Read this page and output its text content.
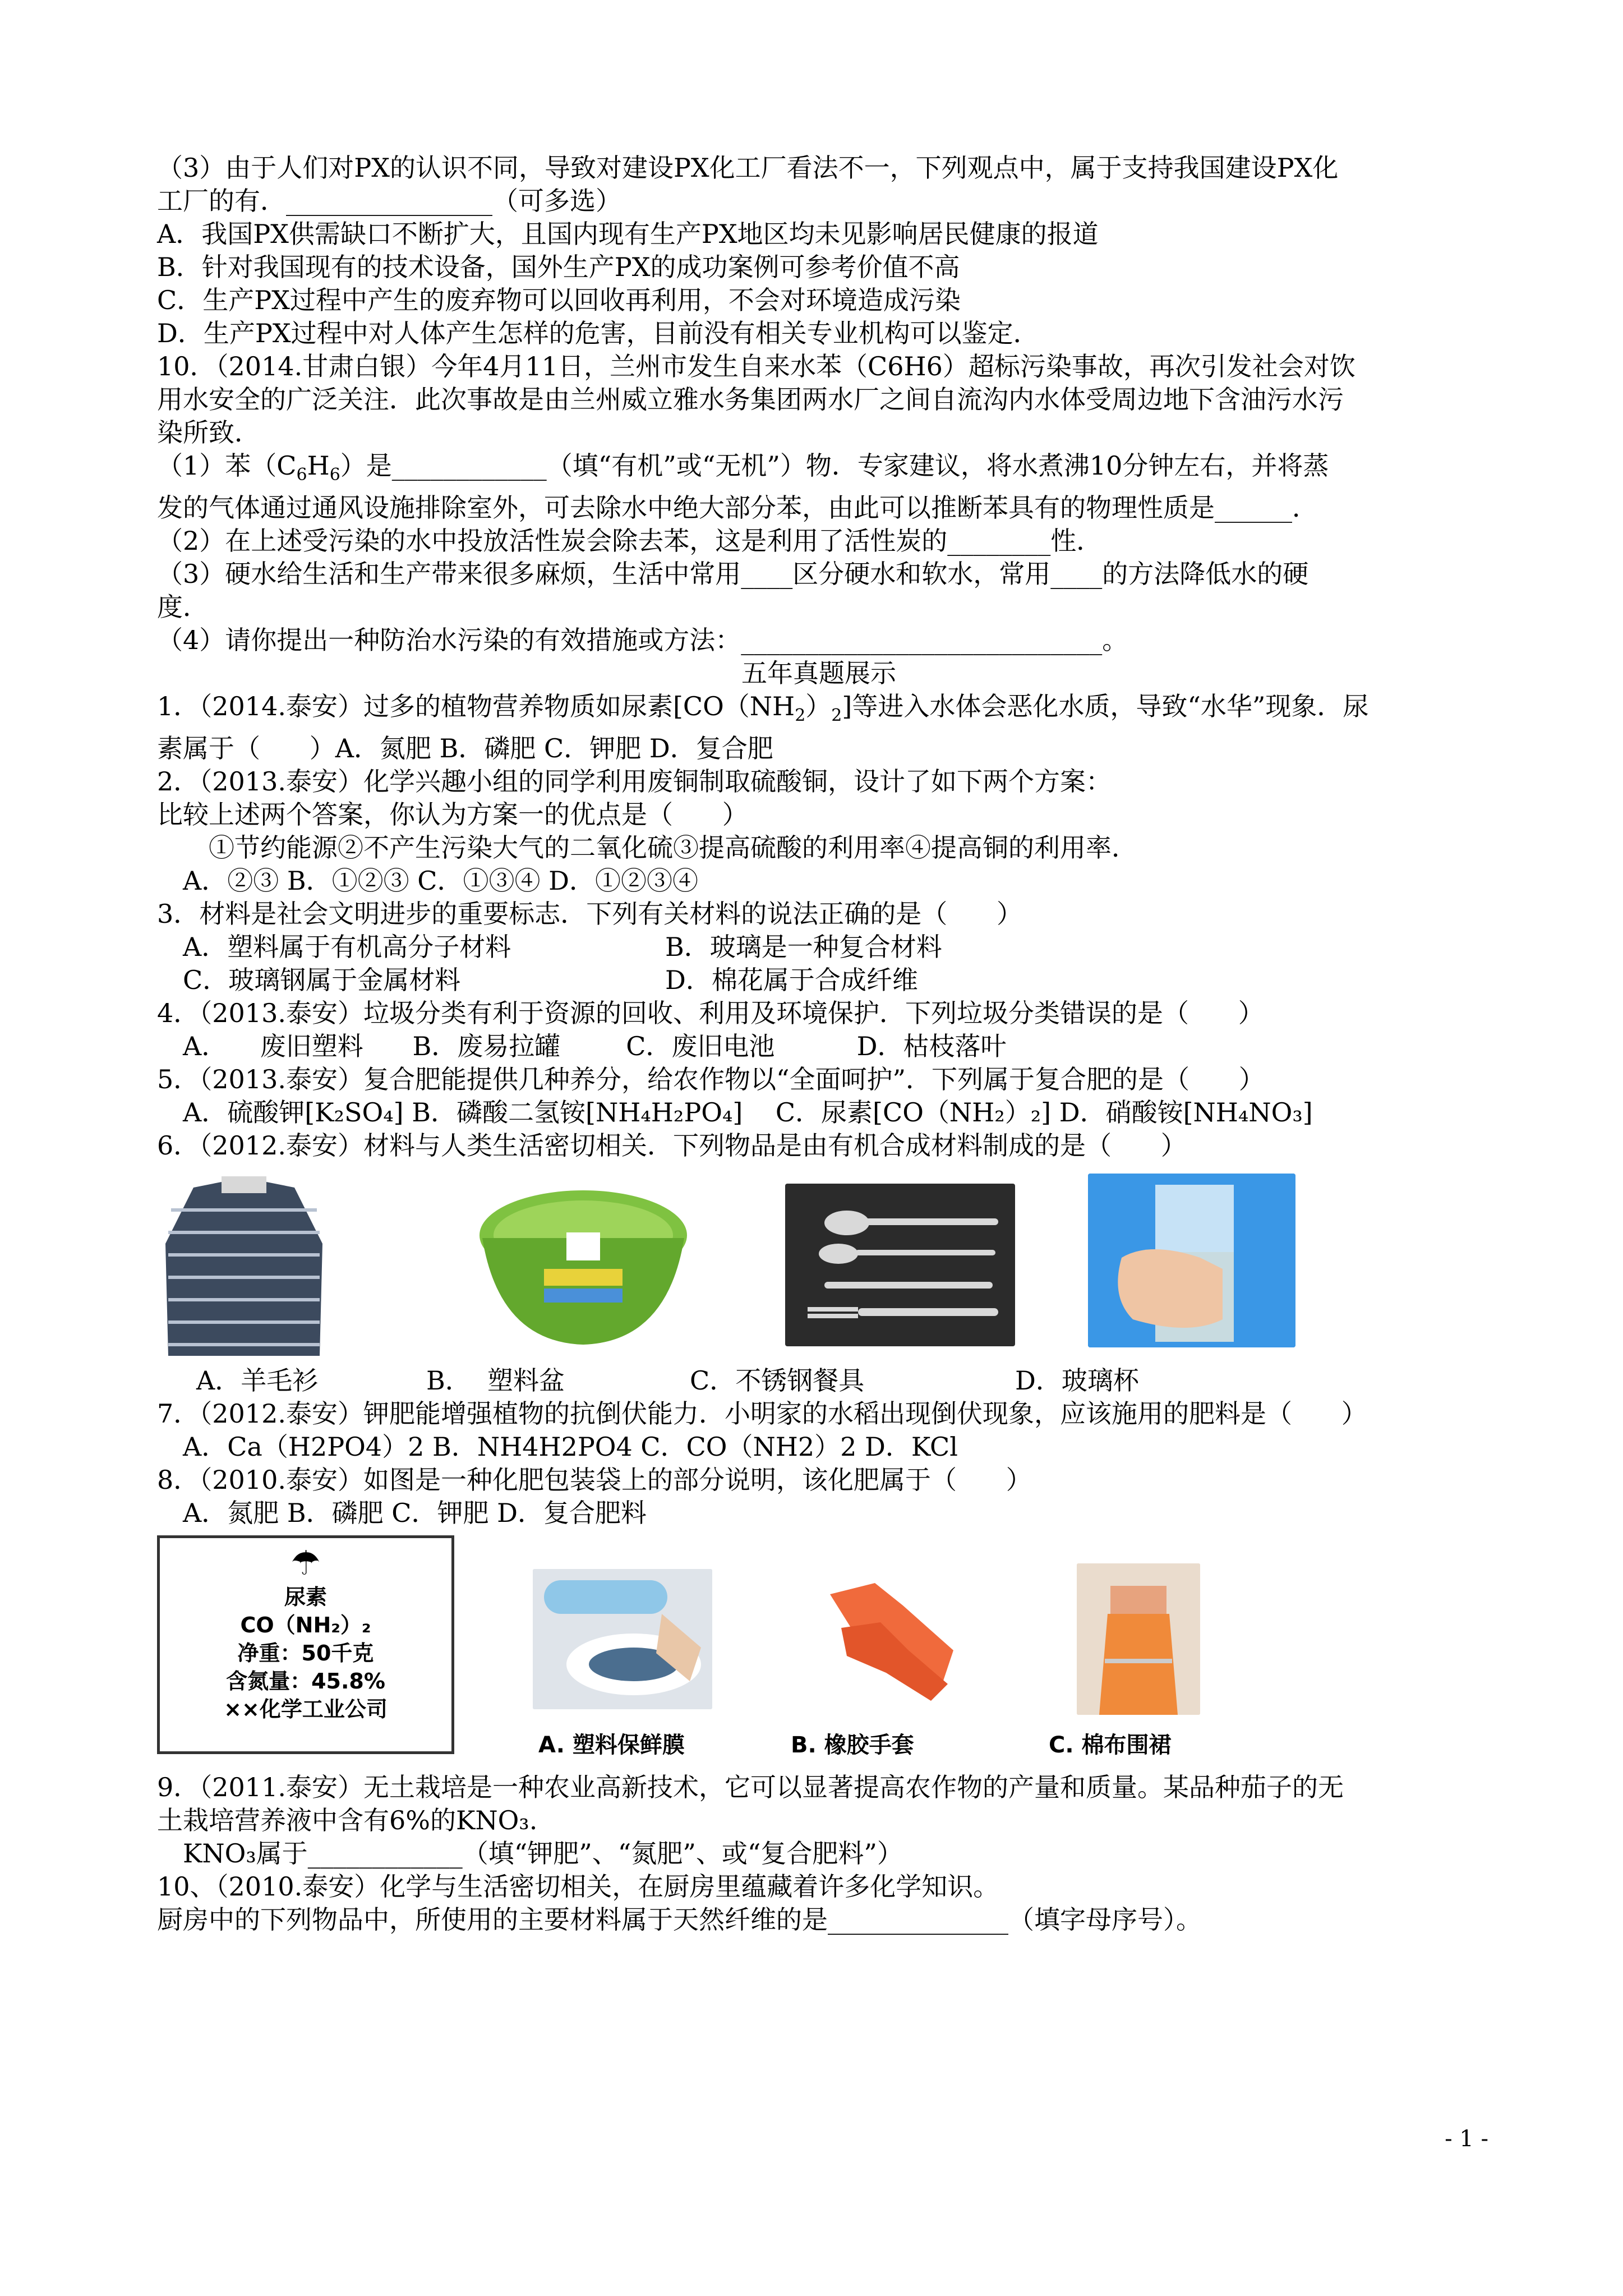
（3）由于人们对PX的认识不同，导致对建设PX化工厂看法不一，下列观点中，属于支持我国建设PX化

工厂的有．________________（可多选）

A．我国PX供需缺口不断扩大，且国内现有生产PX地区均未见影响居民健康的报道

B．针对我国现有的技术设备，国外生产PX的成功案例可参考价值不高

C．生产PX过程中产生的废弃物可以回收再利用，不会对环境造成污染

D．生产PX过程中对人体产生怎样的危害，目前没有相关专业机构可以鉴定．

10．（2014.甘肃白银）今年4月11日，兰州市发生自来水苯（C6H6）超标污染事故，再次引发社会对饮

用水安全的广泛关注．此次事故是由兰州威立雅水务集团两水厂之间自流沟内水体受周边地下含油污水污

染所致．

（1）苯$(C_6H_6)$是____________（填“有机”或“无机”）物．专家建议，将水煮沸10分钟左右，并将蒸

发的气体通过通风设施排除室外，可去除水中绝大部分苯，由此可以推断苯具有的物理性质是______．

（2）在上述受污染的水中投放活性炭会除去苯，这是利用了活性炭的________性．

（3）硬水给生活和生产带来很多麻烦，生活中常用____区分硬水和软水，常用____的方法降低水的硬

度．

（4）请你提出一种防治水污染的有效措施或方法：____________________________。

五年真题展示

1．（2014.泰安）过多的植物营养物质如尿素$[CO(NH_2)_2]$等进入水体会恶化水质，导致“水华”现象．尿

素属于（      ）A．氮肥 B．磷肥 C．钾肥 D．复合肥

2．（2013.泰安）化学兴趣小组的同学利用废铜制取硫酸铜，设计了如下两个方案：

比较上述两个答案，你认为方案一的优点是（      ）

①节约能源②不产生污染大气的二氧化硫③提高硫酸的利用率④提高铜的利用率．

A．②③ B．①②③ C．①③④ D．①②③④

3．材料是社会文明进步的重要标志．下列有关材料的说法正确的是（      ）

A．塑料属于有机高分子材料	B．玻璃是一种复合材料
C．玻璃钢属于金属材料	D．棉花属于合成纤维

4．（2013.泰安）垃圾分类有利于资源的回收、利用及环境保护．下列垃圾分类错误的是（      ）

A．    废旧塑料      B．废易拉罐        C．废旧电池          D．枯枝落叶

5．（2013.泰安）复合肥能提供几种养分，给农作物以“全面呵护”．下列属于复合肥的是（      ）

A．硫酸钾[K₂SO₄] B．磷酸二氢铵[NH₄H₂PO₄]    C．尿素[CO（NH₂）₂] D．硝酸铵[NH₄NO₃]

6．（2012.泰安）材料与人类生活密切相关．下列物品是由有机合成材料制成的是（      ）

A．羊毛衫	B．  塑料盆	C．不锈钢餐具	D．玻璃杯

7．（2012.泰安）钾肥能增强植物的抗倒伏能力．小明家的水稻出现倒伏现象，应该施用的肥料是（      ）

A．Ca（H2PO4）2 B．NH4H2PO4 C．CO（NH2）2 D．KCl

8．（2010.泰安）如图是一种化肥包装袋上的部分说明，该化肥属于（      ）

A．氮肥 B．磷肥 C．钾肥 D．复合肥料

☂
尿素
CO（NH₂）₂
净重：50千克
含氮量：45.8%
××化学工业公司
A. 塑料保鲜膜	B. 橡胶手套	C. 棉布围裙

9．（2011.泰安）无土栽培是一种农业高新技术，它可以显著提高农作物的产量和质量。某品种茄子的无

土栽培营养液中含有6%的KNO₃.

KNO₃属于____________（填“钾肥”、“氮肥”、或“复合肥料”）

10、（2010.泰安）化学与生活密切相关，在厨房里蕴藏着许多化学知识。

厨房中的下列物品中，所使用的主要材料属于天然纤维的是______________（填字母序号）。

- 1 -
